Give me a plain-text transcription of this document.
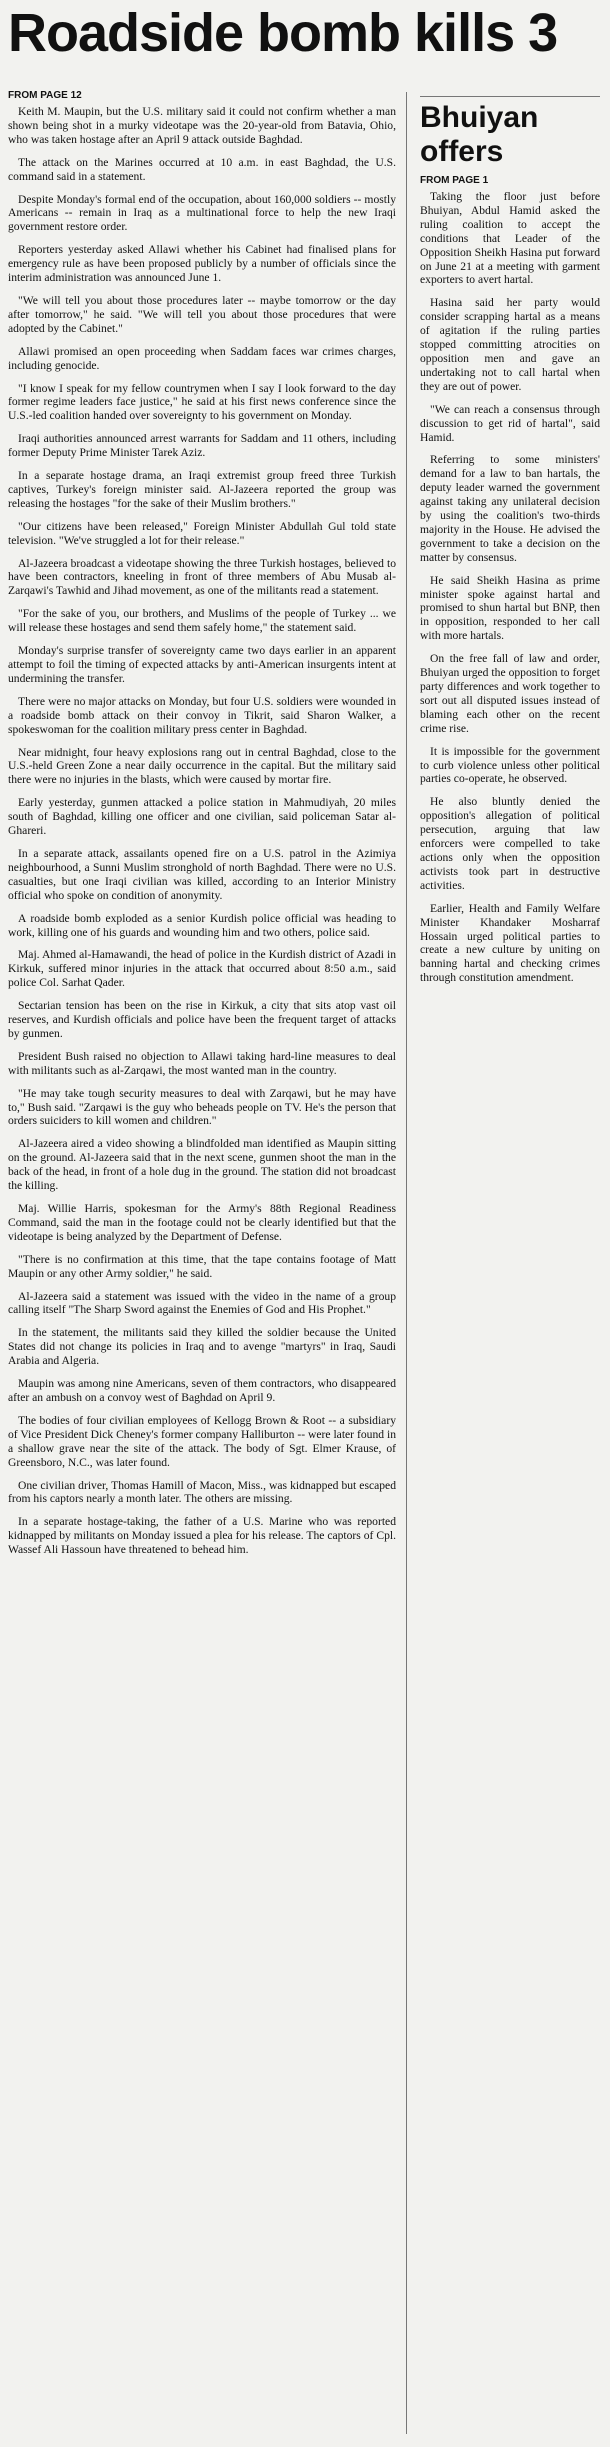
Roadside bomb kills 3
FROM PAGE 12

Keith M. Maupin, but the U.S. military said it could not confirm whether a man shown being shot in a murky videotape was the 20-year-old from Batavia, Ohio, who was taken hostage after an April 9 attack outside Baghdad.

The attack on the Marines occurred at 10 a.m. in east Baghdad, the U.S. command said in a statement.

Despite Monday's formal end of the occupation, about 160,000 soldiers -- mostly Americans -- remain in Iraq as a multinational force to help the new Iraqi government restore order.

Reporters yesterday asked Allawi whether his Cabinet had finalised plans for emergency rule as have been proposed publicly by a number of officials since the interim administration was announced June 1.

"We will tell you about those procedures later -- maybe tomorrow or the day after tomorrow," he said. "We will tell you about those procedures that were adopted by the Cabinet."

Allawi promised an open proceeding when Saddam faces war crimes charges, including genocide.

"I know I speak for my fellow countrymen when I say I look forward to the day former regime leaders face justice," he said at his first news conference since the U.S.-led coalition handed over sovereignty to his government on Monday.

Iraqi authorities announced arrest warrants for Saddam and 11 others, including former Deputy Prime Minister Tarek Aziz.

In a separate hostage drama, an Iraqi extremist group freed three Turkish captives, Turkey's foreign minister said. Al-Jazeera reported the group was releasing the hostages "for the sake of their Muslim brothers."

"Our citizens have been released," Foreign Minister Abdullah Gul told state television. "We've struggled a lot for their release."

Al-Jazeera broadcast a videotape showing the three Turkish hostages, believed to have been contractors, kneeling in front of three members of Abu Musab al-Zarqawi's Tawhid and Jihad movement, as one of the militants read a statement.

"For the sake of you, our brothers, and Muslims of the people of Turkey ... we will release these hostages and send them safely home," the statement said.

Monday's surprise transfer of sovereignty came two days earlier in an apparent attempt to foil the timing of expected attacks by anti-American insurgents intent at undermining the transfer.

There were no major attacks on Monday, but four U.S. soldiers were wounded in a roadside bomb attack on their convoy in Tikrit, said Sharon Walker, a spokeswoman for the coalition military press center in Baghdad.

Near midnight, four heavy explosions rang out in central Baghdad, close to the U.S.-held Green Zone a near daily occurrence in the capital. But the military said there were no injuries in the blasts, which were caused by mortar fire.

Early yesterday, gunmen attacked a police station in Mahmudiyah, 20 miles south of Baghdad, killing one officer and one civilian, said policeman Satar al-Ghareri.

In a separate attack, assailants opened fire on a U.S. patrol in the Azimiya neighbourhood, a Sunni Muslim stronghold of north Baghdad. There were no U.S. casualties, but one Iraqi civilian was killed, according to an Interior Ministry official who spoke on condition of anonymity.

A roadside bomb exploded as a senior Kurdish police official was heading to work, killing one of his guards and wounding him and two others, police said.

Maj. Ahmed al-Hamawandi, the head of police in the Kurdish district of Azadi in Kirkuk, suffered minor injuries in the attack that occurred about 8:50 a.m., said police Col. Sarhat Qader.

Sectarian tension has been on the rise in Kirkuk, a city that sits atop vast oil reserves, and Kurdish officials and police have been the frequent target of attacks by gunmen.

President Bush raised no objection to Allawi taking hard-line measures to deal with militants such as al-Zarqawi, the most wanted man in the country.

"He may take tough security measures to deal with Zarqawi, but he may have to," Bush said. "Zarqawi is the guy who beheads people on TV. He's the person that orders suiciders to kill women and children."

Al-Jazeera aired a video showing a blindfolded man identified as Maupin sitting on the ground. Al-Jazeera said that in the next scene, gunmen shoot the man in the back of the head, in front of a hole dug in the ground. The station did not broadcast the killing.

Maj. Willie Harris, spokesman for the Army's 88th Regional Readiness Command, said the man in the footage could not be clearly identified but that the videotape is being analyzed by the Department of Defense.

"There is no confirmation at this time, that the tape contains footage of Matt Maupin or any other Army soldier," he said.

Al-Jazeera said a statement was issued with the video in the name of a group calling itself "The Sharp Sword against the Enemies of God and His Prophet."

In the statement, the militants said they killed the soldier because the United States did not change its policies in Iraq and to avenge "martyrs" in Iraq, Saudi Arabia and Algeria.

Maupin was among nine Americans, seven of them contractors, who disappeared after an ambush on a convoy west of Baghdad on April 9.

The bodies of four civilian employees of Kellogg Brown & Root -- a subsidiary of Vice President Dick Cheney's former company Halliburton -- were later found in a shallow grave near the site of the attack. The body of Sgt. Elmer Krause, of Greensboro, N.C., was later found.

One civilian driver, Thomas Hamill of Macon, Miss., was kidnapped but escaped from his captors nearly a month later. The others are missing.

In a separate hostage-taking, the father of a U.S. Marine who was reported kidnapped by militants on Monday issued a plea for his release. The captors of Cpl. Wassef Ali Hassoun have threatened to behead him.

Bhuiyan offers
FROM PAGE 1

Taking the floor just before Bhuiyan, Abdul Hamid asked the ruling coalition to accept the conditions that Leader of the Opposition Sheikh Hasina put forward on June 21 at a meeting with garment exporters to avert hartal.

Hasina said her party would consider scrapping hartal as a means of agitation if the ruling parties stopped committing atrocities on opposition men and gave an undertaking not to call hartal when they are out of power.

"We can reach a consensus through discussion to get rid of hartal", said Hamid.

Referring to some ministers' demand for a law to ban hartals, the deputy leader warned the government against taking any unilateral decision by using the coalition's two-thirds majority in the House. He advised the government to take a decision on the matter by consensus.

He said Sheikh Hasina as prime minister spoke against hartal and promised to shun hartal but BNP, then in opposition, responded to her call with more hartals.

On the free fall of law and order, Bhuiyan urged the opposition to forget party differences and work together to sort out all disputed issues instead of blaming each other on the recent crime rise.

It is impossible for the government to curb violence unless other political parties co-operate, he observed.

He also bluntly denied the opposition's allegation of political persecution, arguing that law enforcers were compelled to take actions only when the opposition activists took part in destructive activities.

Earlier, Health and Family Welfare Minister Khandaker Mosharraf Hossain urged political parties to create a new culture by uniting on banning hartal and checking crimes through constitution amendment.
